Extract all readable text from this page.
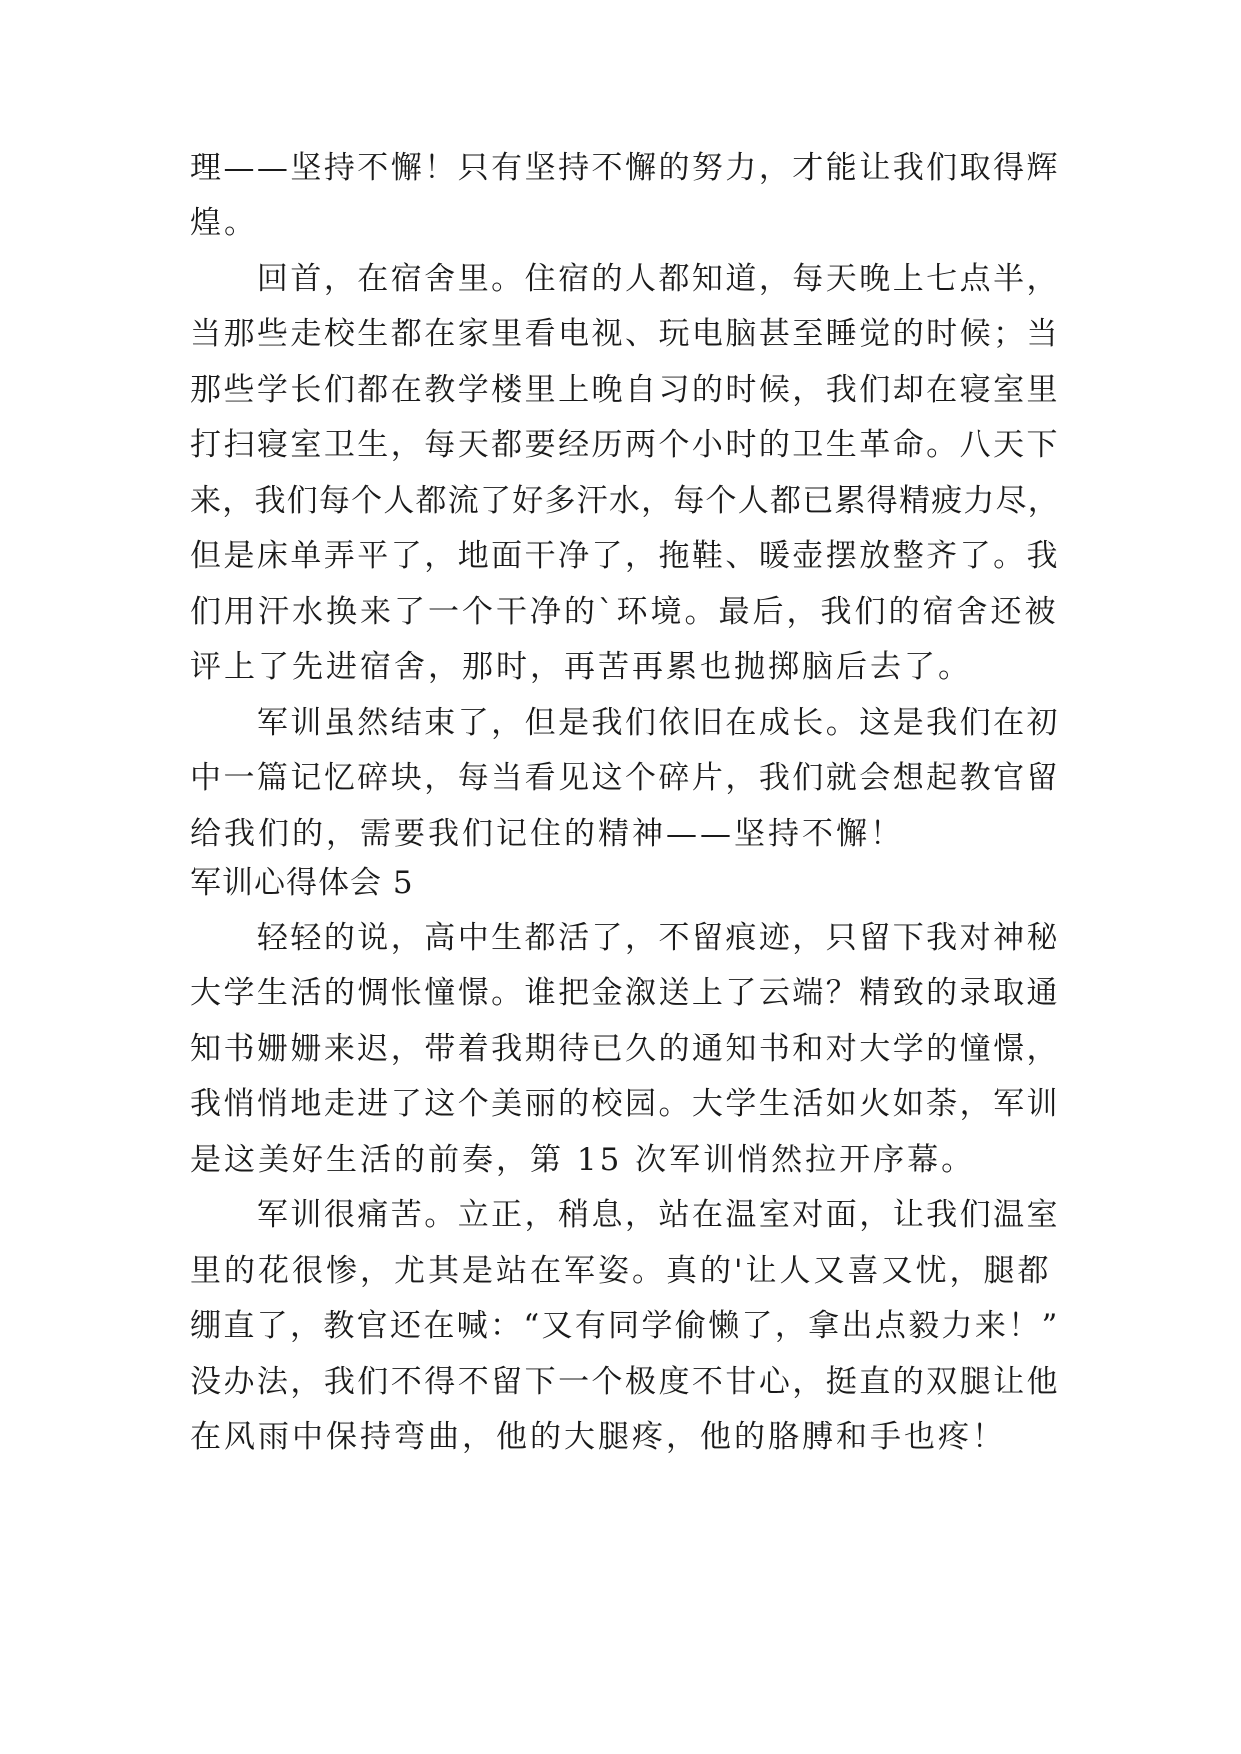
理——坚持不懈！只有坚持不懈的努力，才能让我们取得辉
煌。
　　回首，在宿舍里。住宿的人都知道，每天晚上七点半，
当那些走校生都在家里看电视、玩电脑甚至睡觉的时候；当
那些学长们都在教学楼里上晚自习的时候，我们却在寝室里
打扫寝室卫生，每天都要经历两个小时的卫生革命。八天下
来，我们每个人都流了好多汗水，每个人都已累得精疲力尽，
但是床单弄平了，地面干净了，拖鞋、暖壶摆放整齐了。我
们用汗水换来了一个干净的`环境。最后，我们的宿舍还被
评上了先进宿舍，那时，再苦再累也抛掷脑后去了。
　　军训虽然结束了，但是我们依旧在成长。这是我们在初
中一篇记忆碎块，每当看见这个碎片，我们就会想起教官留
给我们的，需要我们记住的精神——坚持不懈！
军训心得体会 5
　　轻轻的说，高中生都活了，不留痕迹，只留下我对神秘
大学生活的惆怅憧憬。谁把金溆送上了云端？精致的录取通
知书姗姗来迟，带着我期待已久的通知书和对大学的憧憬，
我悄悄地走进了这个美丽的校园。大学生活如火如荼，军训
是这美好生活的前奏，第 15 次军训悄然拉开序幕。
　　军训很痛苦。立正，稍息，站在温室对面，让我们温室
里的花很惨，尤其是站在军姿。真的'让人又喜又忧，腿都
绷直了，教官还在喊：“又有同学偷懒了，拿出点毅力来！”
没办法，我们不得不留下一个极度不甘心，挺直的双腿让他
在风雨中保持弯曲，他的大腿疼，他的胳膊和手也疼！
